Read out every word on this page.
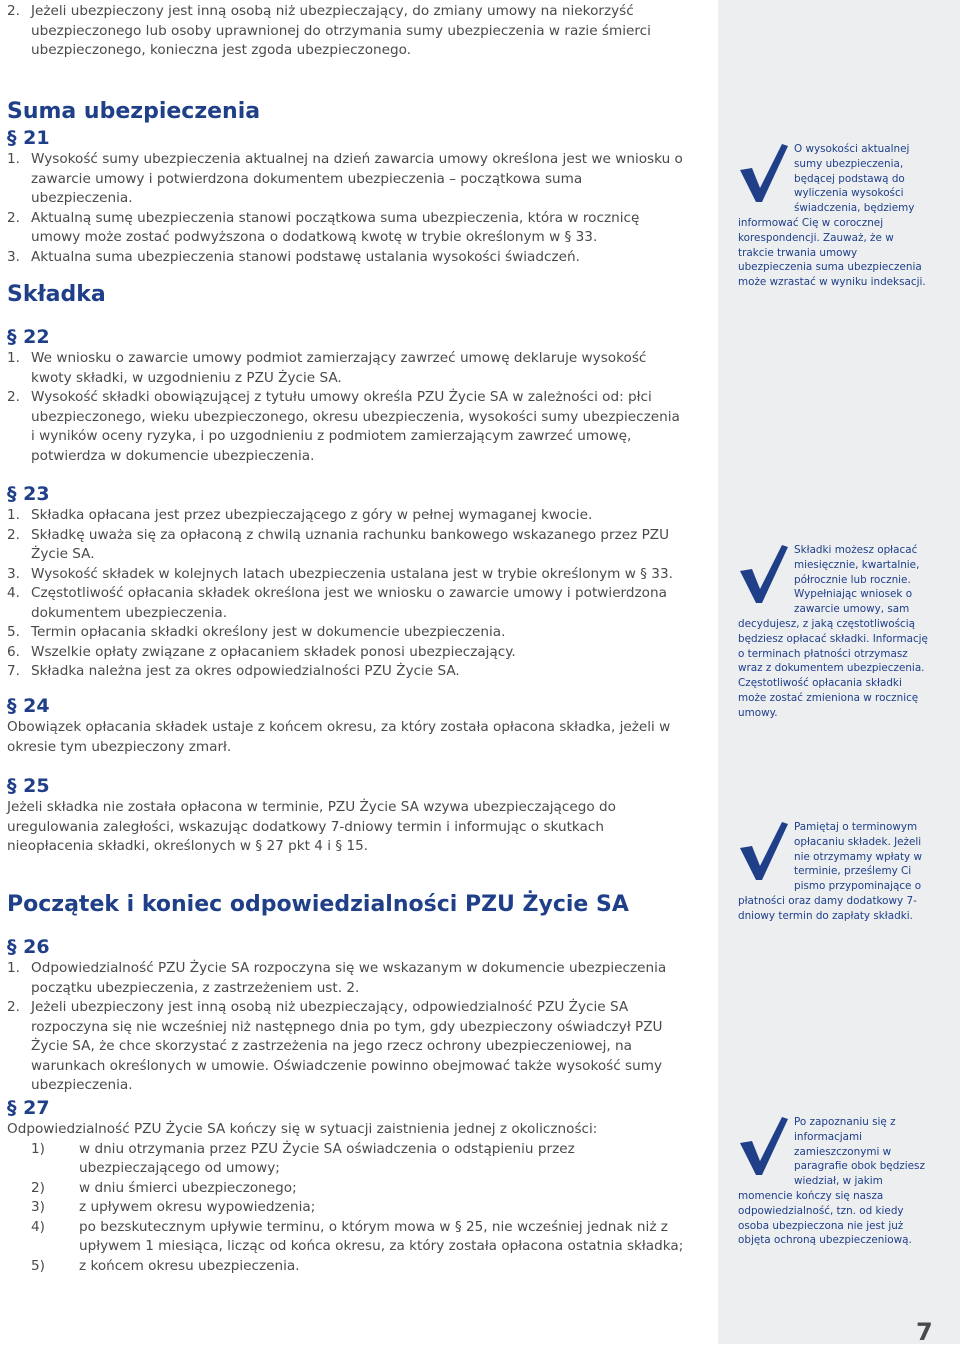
2. Jeżeli ubezpieczony jest inną osobą niż ubezpieczający, do zmiany umowy na niekorzyść ubezpieczonego lub osoby uprawnionej do otrzymania sumy ubezpieczenia w razie śmierci ubezpieczonego, konieczna jest zgoda ubezpieczonego.

Suma ubezpieczenia

§ 21

1. Wysokość sumy ubezpieczenia aktualnej na dzień zawarcia umowy określona jest we wniosku o zawarcie umowy i potwierdzona dokumentem ubezpieczenia – początkowa suma ubezpieczenia.

2. Aktualną sumę ubezpieczenia stanowi początkowa suma ubezpieczenia, która w rocznicę umowy może zostać podwyższona o dodatkową kwotę w trybie określonym w § 33.

3. Aktualna suma ubezpieczenia stanowi podstawę ustalania wysokości świadczeń.

Składka

§ 22

1. We wniosku o zawarcie umowy podmiot zamierzający zawrzeć umowę deklaruje wysokość kwoty składki, w uzgodnieniu z PZU Życie SA.

2. Wysokość składki obowiązującej z tytułu umowy określa PZU Życie SA w zależności od: płci ubezpieczonego, wieku ubezpieczonego, okresu ubezpieczenia, wysokości sumy ubezpieczenia i wyników oceny ryzyka, i po uzgodnieniu z podmiotem zamierzającym zawrzeć umowę, potwierdza w dokumencie ubezpieczenia.

§ 23

1. Składka opłacana jest przez ubezpieczającego z góry w pełnej wymaganej kwocie.

2. Składkę uważa się za opłaconą z chwilą uznania rachunku bankowego wskazanego przez PZU Życie SA.

3. Wysokość składek w kolejnych latach ubezpieczenia ustalana jest w trybie określonym w § 33.

4. Częstotliwość opłacania składek określona jest we wniosku o zawarcie umowy i potwierdzona dokumentem ubezpieczenia.

5. Termin opłacania składki określony jest w dokumencie ubezpieczenia.

6. Wszelkie opłaty związane z opłacaniem składek ponosi ubezpieczający.

7. Składka należna jest za okres odpowiedzialności PZU Życie SA.

§ 24

Obowiązek opłacania składek ustaje z końcem okresu, za który została opłacona składka, jeżeli w okresie tym ubezpieczony zmarł.

§ 25

Jeżeli składka nie została opłacona w terminie, PZU Życie SA wzywa ubezpieczającego do uregulowania zaległości, wskazując dodatkowy 7-dniowy termin i informując o skutkach nieopłacenia składki, określonych w § 27 pkt 4 i § 15.

Początek i koniec odpowiedzialności PZU Życie SA

§ 26

1. Odpowiedzialność PZU Życie SA rozpoczyna się we wskazanym w dokumencie ubezpieczenia początku ubezpieczenia, z zastrzeżeniem ust. 2.

2. Jeżeli ubezpieczony jest inną osobą niż ubezpieczający, odpowiedzialność PZU Życie SA rozpoczyna się nie wcześniej niż następnego dnia po tym, gdy ubezpieczony oświadczył PZU Życie SA, że chce skorzystać z zastrzeżenia na jego rzecz ochrony ubezpieczeniowej, na warunkach określonych w umowie. Oświadczenie powinno obejmować także wysokość sumy ubezpieczenia.

§ 27

Odpowiedzialność PZU Życie SA kończy się w sytuacji zaistnienia jednej z okoliczności:

1)	w dniu otrzymania przez PZU Życie SA oświadczenia o odstąpieniu przez ubezpieczającego od umowy;

2)	w dniu śmierci ubezpieczonego;

3)	z upływem okresu wypowiedzenia;

4)	po bezskutecznym upływie terminu, o którym mowa w § 25, nie wcześniej jednak niż z upływem 1 miesiąca, licząc od końca okresu, za który została opłacona ostatnia składka;

5)	z końcem okresu ubezpieczenia.

O wysokości aktualnej sumy ubezpieczenia, będącej podstawą do wyliczenia wysokości świadczenia, będziemy informować Cię w corocznej korespondencji. Zauważ, że w trakcie trwania umowy ubezpieczenia suma ubezpieczenia może wzrastać w wyniku indeksacji.
Składki możesz opłacać miesięcznie, kwartalnie, półrocznie lub rocznie. Wypełniając wniosek o zawarcie umowy, sam decydujesz, z jaką częstotliwością będziesz opłacać składki. Informację o terminach płatności otrzymasz wraz z dokumentem ubezpieczenia. Częstotliwość opłacania składki może zostać zmieniona w rocznicę umowy.
Pamiętaj o terminowym opłacaniu składek. Jeżeli nie otrzymamy wpłaty w terminie, prześlemy Ci pismo przypominające o płatności oraz damy dodatkowy 7-dniowy termin do zapłaty składki.
Po zapoznaniu się z informacjami zamieszczonymi w paragrafie obok będziesz wiedział, w jakim momencie kończy się nasza odpowiedzialność, tzn. od kiedy osoba ubezpieczona nie jest już objęta ochroną ubezpieczeniową.
7
